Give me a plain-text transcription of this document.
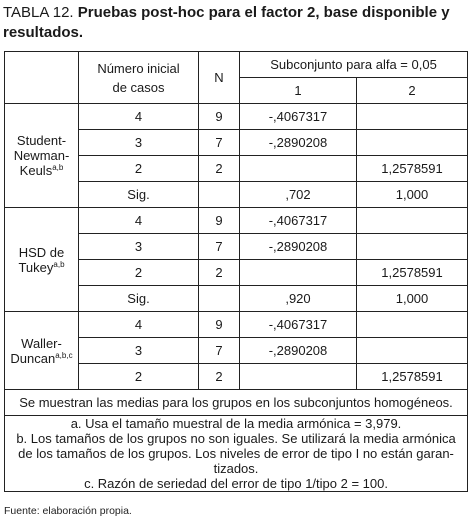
TABLA 12. Pruebas post-hoc para el factor 2, base disponible y resultados.

	Número inicial
de casos	N	Subconjunto para alfa = 0,05	
			1	2

Student-
Newman-
Keuls$^{a,b}$	4	9	-,4067317	
	3	7	-,2890208	
	2	2		1,2578591
	Sig.		,702	1,000

HSD de
Tukey$^{a,b}$	4	9	-,4067317	
	3	7	-,2890208	
	2	2		1,2578591
	Sig.		,920	1,000

Waller-
Duncan$^{a,b,c}$	4	9	-,4067317	
	3	7	-,2890208	
	2	2		1,2578591
Se muestran las medias para los grupos en los subconjuntos homogéneos.				

a. Usa el tamaño muestral de la media armónica = 3,979.
b. Los tamaños de los grupos no son iguales. Se utilizará la media armónica
de los tamaños de los grupos. Los niveles de error de tipo I no están garan-
tizados.
c. Razón de seriedad del error de tipo 1/tipo 2 = 100.				
Fuente: elaboración propia.
